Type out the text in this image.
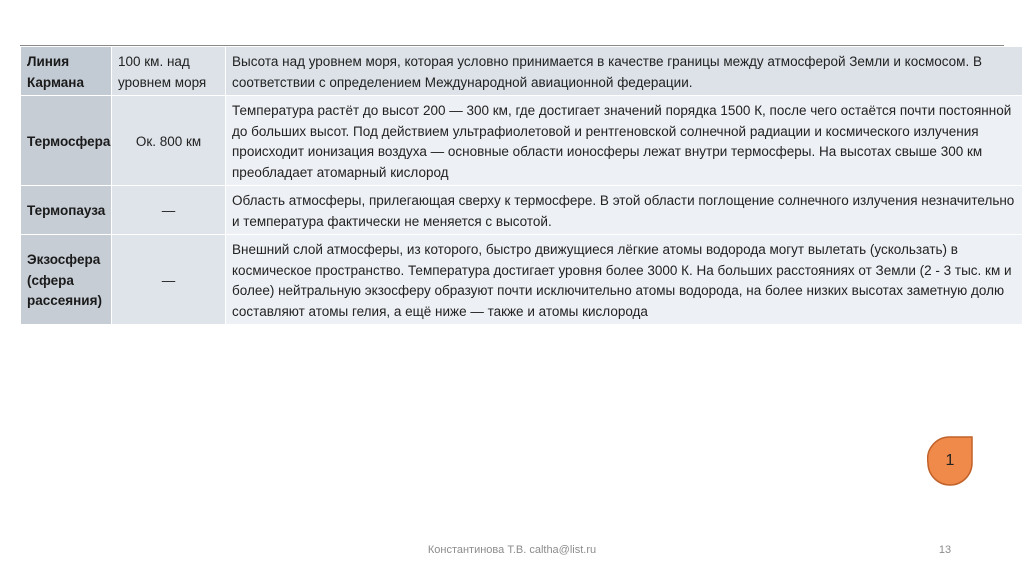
Линия Кармана	100 км. над уровнем моря	Высота над уровнем моря, которая условно принимается в качестве границы между атмосферой Земли и космосом. В соответствии с определением Международной авиационной федерации.
Термосфера	Ок. 800 км	Температура растёт до высот 200 — 300 км, где достигает значений порядка 1500 К, после чего остаётся почти постоянной до больших высот. Под действием ультрафиолетовой и рентгеновской солнечной радиации и космического излучения происходит ионизация воздуха — основные области ионосферы лежат внутри термосферы. На высотах свыше 300 км преобладает атомарный кислород
Термопауза	—	Область атмосферы, прилегающая сверху к термосфере. В этой области поглощение солнечного излучения незначительно и температура фактически не меняется с высотой.
Экзосфера (сфера рассеяния)	—	Внешний слой атмосферы, из которого, быстро движущиеся лёгкие атомы водорода могут вылетать (ускользать) в космическое пространство. Температура достигает уровня более 3000 К. На больших расстояниях от Земли (2 - 3 тыс. км и более) нейтральную экзосферу образуют почти исключительно атомы водорода, на более низких высотах заметную долю составляют атомы гелия, а ещё ниже — также и атомы кислорода
1
Константинова Т.В. caltha@list.ru	13
